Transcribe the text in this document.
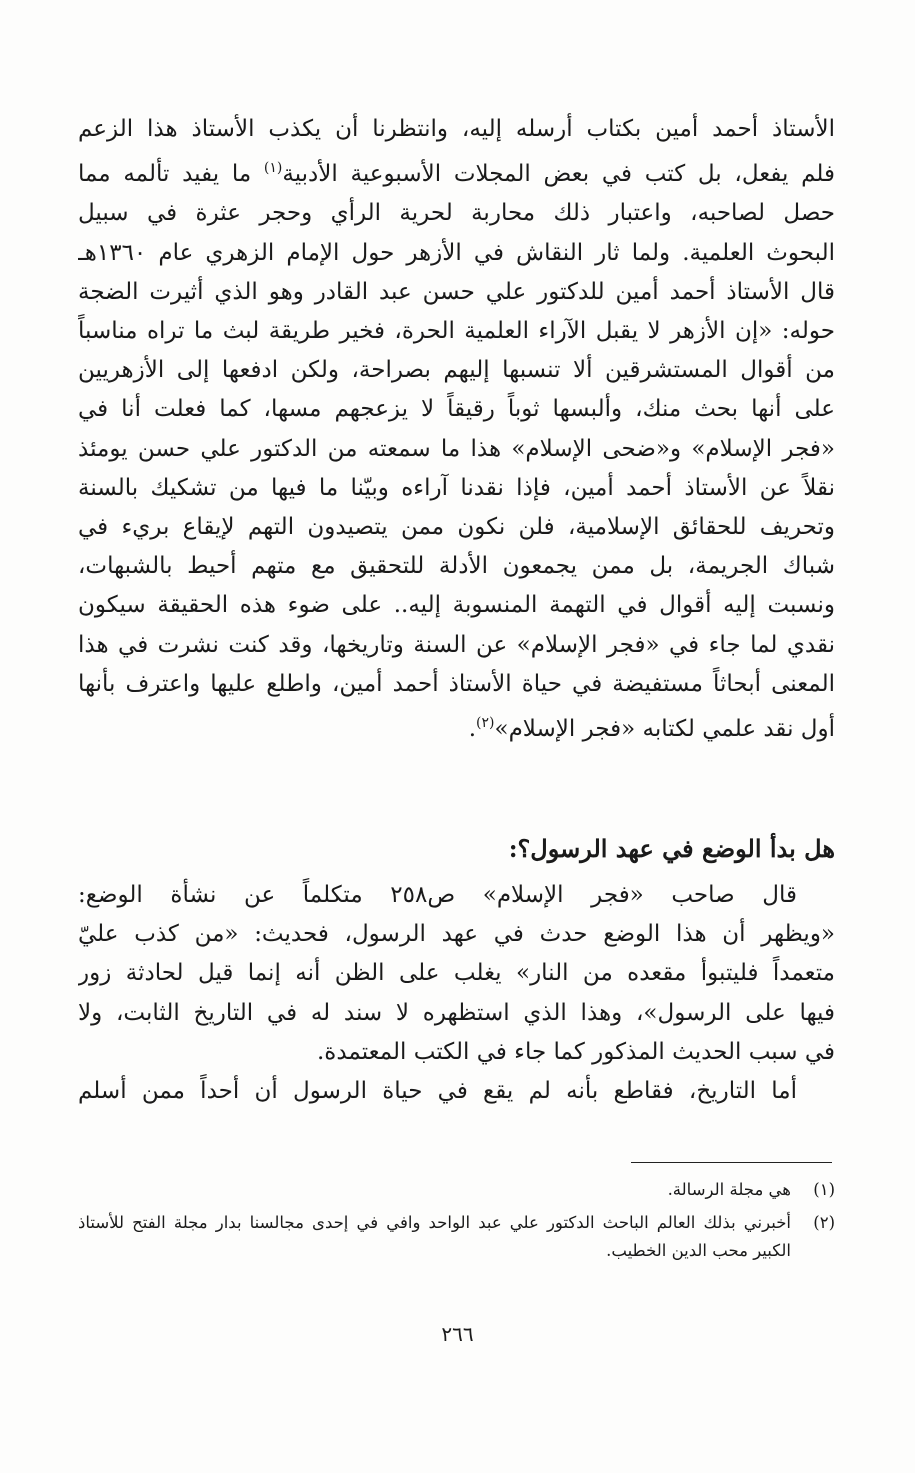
الأستاذ أحمد أمين بكتاب أرسله إليه، وانتظرنا أن يكذب الأستاذ هذا الزعم
فلم يفعل، بل كتب في بعض المجلات الأسبوعية الأدبية$^{(١)}$ ما يفيد تألمه مما
حصل لصاحبه، واعتبار ذلك محاربة لحرية الرأي وحجر عثرة في سبيل
البحوث العلمية. ولما ثار النقاش في الأزهر حول الإمام الزهري عام ١٣٦٠هـ
قال الأستاذ أحمد أمين للدكتور علي حسن عبد القادر وهو الذي أثيرت الضجة
حوله: «إن الأزهر لا يقبل الآراء العلمية الحرة، فخير طريقة لبث ما تراه مناسباً
من أقوال المستشرقين ألا تنسبها إليهم بصراحة، ولكن ادفعها إلى الأزهريين
على أنها بحث منك، وألبسها ثوباً رقيقاً لا يزعجهم مسها، كما فعلت أنا في
«فجر الإسلام» و«ضحى الإسلام» هذا ما سمعته من الدكتور علي حسن يومئذ
نقلاً عن الأستاذ أحمد أمين، فإذا نقدنا آراءه وبيّنا ما فيها من تشكيك بالسنة
وتحريف للحقائق الإسلامية، فلن نكون ممن يتصيدون التهم لإيقاع بريء في
شباك الجريمة، بل ممن يجمعون الأدلة للتحقيق مع متهم أحيط بالشبهات،
ونسبت إليه أقوال في التهمة المنسوبة إليه.. على ضوء هذه الحقيقة سيكون
نقدي لما جاء في «فجر الإسلام» عن السنة وتاريخها، وقد كنت نشرت في هذا
المعنى أبحاثاً مستفيضة في حياة الأستاذ أحمد أمين، واطلع عليها واعترف بأنها
أول نقد علمي لكتابه «فجر الإسلام»$^{(٢)}$.

هل بدأ الوضع في عهد الرسول؟:

قال صاحب «فجر الإسلام» ص٢٥٨ متكلماً عن نشأة الوضع:
«ويظهر أن هذا الوضع حدث في عهد الرسول، فحديث: «من كذب عليّ
متعمداً فليتبوأ مقعده من النار» يغلب على الظن أنه إنما قيل لحادثة زور
فيها على الرسول»، وهذا الذي استظهره لا سند له في التاريخ الثابت، ولا
في سبب الحديث المذكور كما جاء في الكتب المعتمدة.

أما التاريخ، فقاطع بأنه لم يقع في حياة الرسول أن أحداً ممن أسلم

(١)
هي مجلة الرسالة.
(٢)
أخبرني بذلك العالم الباحث الدكتور علي عبد الواحد وافي في إحدى مجالسنا بدار مجلة الفتح للأستاذ الكبير محب الدين الخطيب.
٢٦٦
